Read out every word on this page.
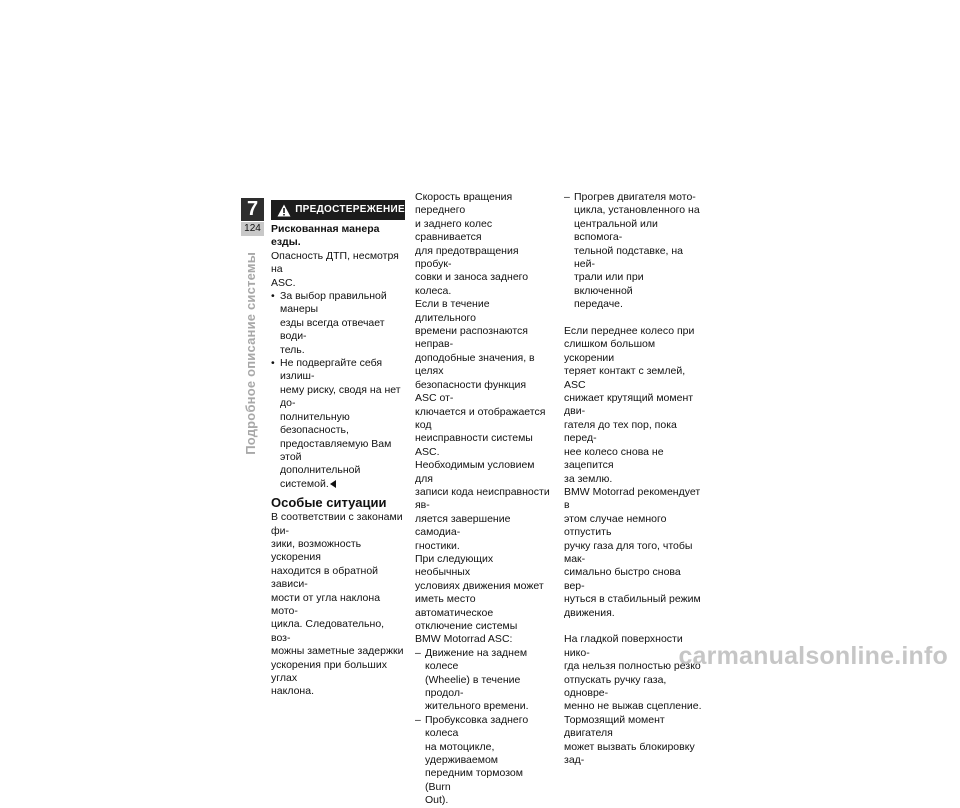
7
124
Подробное описание системы
ПРЕДОСТЕРЕЖЕНИЕ

Рискованная манера езды.

Опасность ДТП, несмотря на

ASC.

• За выбор правильной манеры

езды всегда отвечает води-

тель.

• Не подвергайте себя излиш-

нему риску, сводя на нет до-

полнительную безопасность,

предоставляемую Вам этой

дополнительной системой.

Особые ситуации

В соответствии с законами фи-

зики, возможность ускорения

находится в обратной зависи-

мости от угла наклона мото-

цикла. Следовательно, воз-

можны заметные задержки

ускорения при больших углах

наклона.

Скорость вращения переднего

и заднего колес сравнивается

для предотвращения пробук-

совки и заноса заднего колеса.

Если в течение длительного

времени распознаются неправ-

доподобные значения, в целях

безопасности функция ASC от-

ключается и отображается код

неисправности системы ASC.

Необходимым условием для

записи кода неисправности яв-

ляется завершение самодиа-

гностики.

При следующих необычных

условиях движения может

иметь место автоматическое

отключение системы

BMW Motorrad ASC:

– Движение на заднем колесе

(Wheelie) в течение продол-

жительного времени.

– Пробуксовка заднего колеса

на мотоцикле, удерживаемом

передним тормозом (Burn

Out).

– Прогрев двигателя мото-

цикла, установленного на

центральной или вспомога-

тельной подставке, на ней-

трали или при включенной

передаче.

Если переднее колесо при

слишком большом ускорении

теряет контакт с землей, ASC

снижает крутящий момент дви-

гателя до тех пор, пока перед-

нее колесо снова не зацепится

за землю.

BMW Motorrad рекомендует в

этом случае немного отпустить

ручку газа для того, чтобы мак-

симально быстро снова вер-

нуться в стабильный режим

движения.

На гладкой поверхности нико-

гда нельзя полностью резко

отпускать ручку газа, одновре-

менно не выжав сцепление.

Тормозящий момент двигателя

может вызвать блокировку зад-

carmanualsonline.info
